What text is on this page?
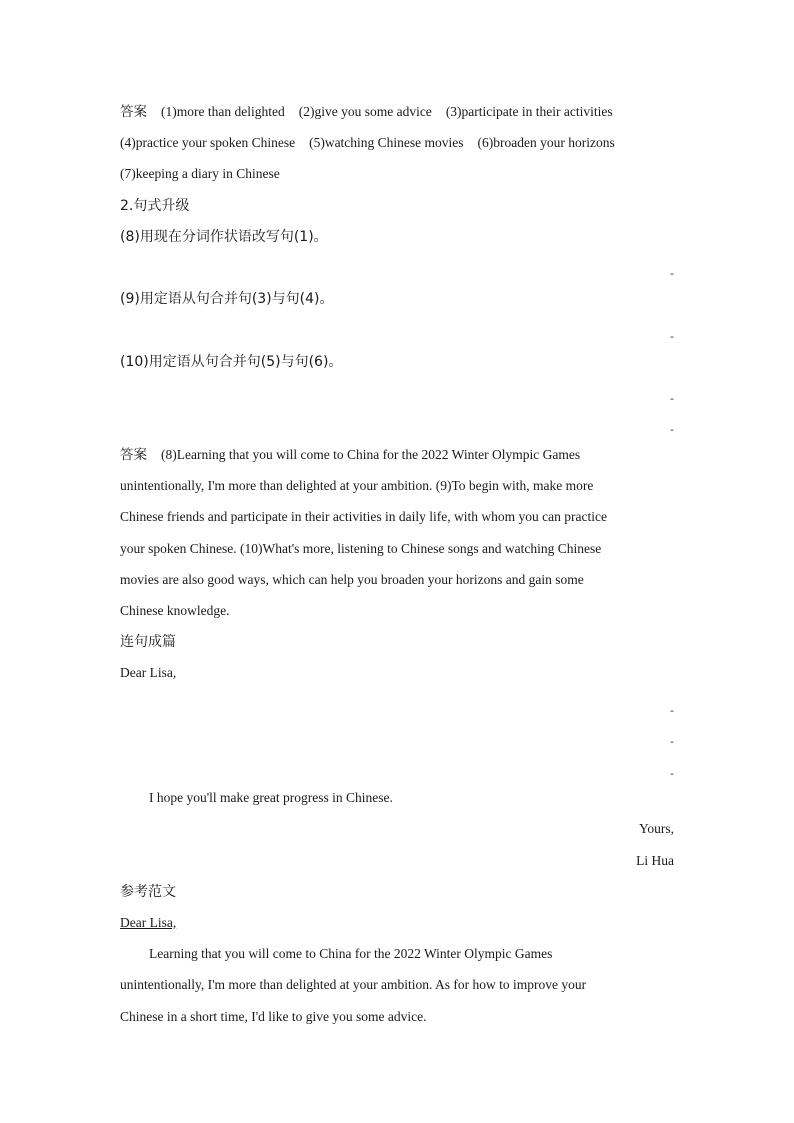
答案 (1)more than delighted (2)give you some advice (3)participate in their activities
(4)practice your spoken Chinese (5)watching Chinese movies (6)broaden your horizons
(7)keeping a diary in Chinese
2.句式升级
(8)用现在分词作状语改写句(1)。
-
(9)用定语从句合并句(3)与句(4)。
-
(10)用定语从句合并句(5)与句(6)。
-
-
答案 (8)Learning that you will come to China for the 2022 Winter Olympic Games
unintentionally, I'm more than delighted at your ambition. (9)To begin with, make more
Chinese friends and participate in their activities in daily life, with whom you can practice
your spoken Chinese. (10)What's more, listening to Chinese songs and watching Chinese
movies are also good ways, which can help you broaden your horizons and gain some
Chinese knowledge.
连句成篇
Dear Lisa,
-
-
-
I hope you'll make great progress in Chinese.
Yours,
Li Hua
参考范文
Dear Lisa,
Learning that you will come to China for the 2022 Winter Olympic Games
unintentionally, I'm more than delighted at your ambition. As for how to improve your
Chinese in a short time, I'd like to give you some advice.
